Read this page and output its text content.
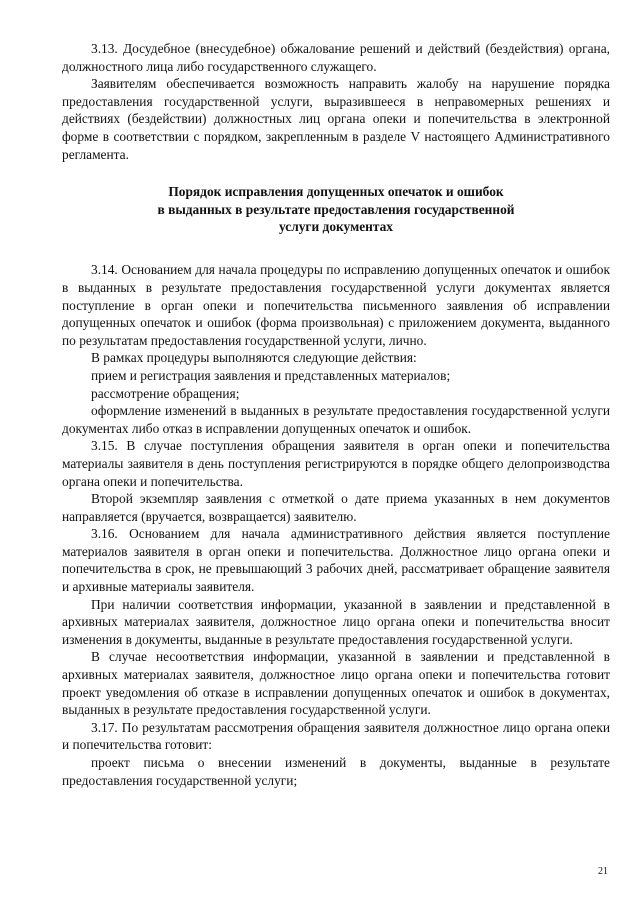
3.13. Досудебное (внесудебное) обжалование решений и действий (бездействия) органа, должностного лица либо государственного служащего.

Заявителям обеспечивается возможность направить жалобу на нарушение порядка предоставления государственной услуги, выразившееся в неправомерных решениях и действиях (бездействии) должностных лиц органа опеки и попечительства в электронной форме в соответствии с порядком, закрепленным в разделе V настоящего Административного регламента.

Порядок исправления допущенных опечаток и ошибок
в выданных в результате предоставления государственной
услуги документах

3.14. Основанием для начала процедуры по исправлению допущенных опечаток и ошибок в выданных в результате предоставления государственной услуги документах является поступление в орган опеки и попечительства письменного заявления об исправлении допущенных опечаток и ошибок (форма произвольная) с приложением документа, выданного по результатам предоставления государственной услуги, лично.

В рамках процедуры выполняются следующие действия:

прием и регистрация заявления и представленных материалов;

рассмотрение обращения;

оформление изменений в выданных в результате предоставления государственной услуги документах либо отказ в исправлении допущенных опечаток и ошибок.

3.15. В случае поступления обращения заявителя в орган опеки и попечительства материалы заявителя в день поступления регистрируются в порядке общего делопроизводства органа опеки и попечительства.

Второй экземпляр заявления с отметкой о дате приема указанных в нем документов направляется (вручается, возвращается) заявителю.

3.16. Основанием для начала административного действия является поступление материалов заявителя в орган опеки и попечительства. Должностное лицо органа опеки и попечительства в срок, не превышающий 3 рабочих дней, рассматривает обращение заявителя и архивные материалы заявителя.

При наличии соответствия информации, указанной в заявлении и представленной в архивных материалах заявителя, должностное лицо органа опеки и попечительства вносит изменения в документы, выданные в результате предоставления государственной услуги.

В случае несоответствия информации, указанной в заявлении и представленной в архивных материалах заявителя, должностное лицо органа опеки и попечительства готовит проект уведомления об отказе в исправлении допущенных опечаток и ошибок в документах, выданных в результате предоставления государственной услуги.

3.17. По результатам рассмотрения обращения заявителя должностное лицо органа опеки и попечительства готовит:

проект письма о внесении изменений в документы, выданные в результате предоставления государственной услуги;

21
